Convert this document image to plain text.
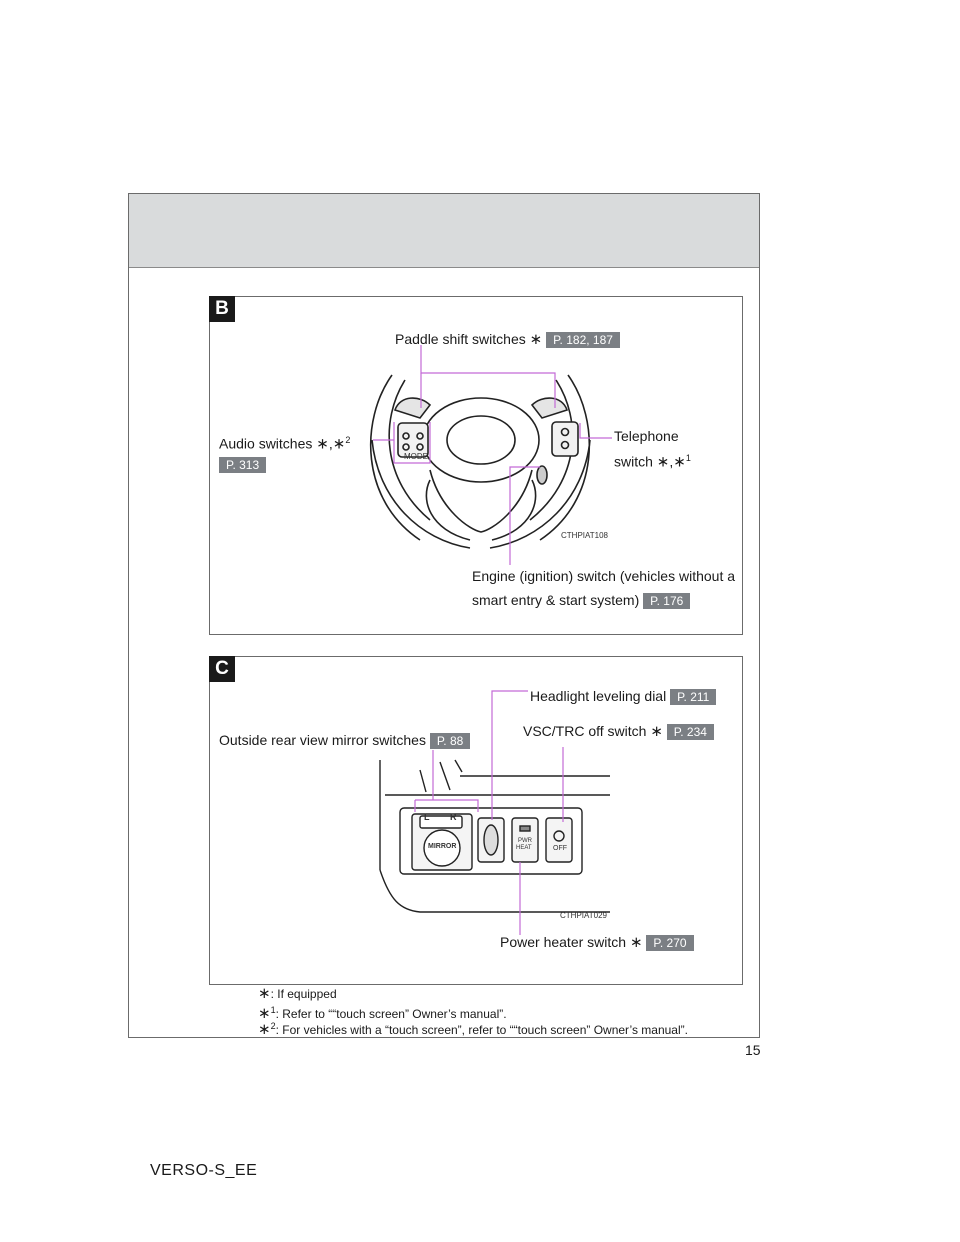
B
MODE
CTHPIAT108
Paddle shift switches ∗ P. 182, 187
Audio switches ∗,∗$^2$
P. 313
Telephone
switch ∗,∗$^1$
Engine (ignition) switch (vehicles without a
smart entry & start system) P. 176
C
L R
MIRROR
PWR
HEAT	OFF
CTHPIAT029
Headlight leveling dial P. 211
VSC/TRC off switch ∗ P. 234
Outside rear view mirror switches P. 88
Power heater switch ∗ P. 270
∗: If equipped
∗$^1$: Refer to ““touch screen” Owner’s manual”.
∗$^2$: For vehicles with a “touch screen”, refer to ““touch screen” Owner’s manual”.
15
VERSO-S_EE
